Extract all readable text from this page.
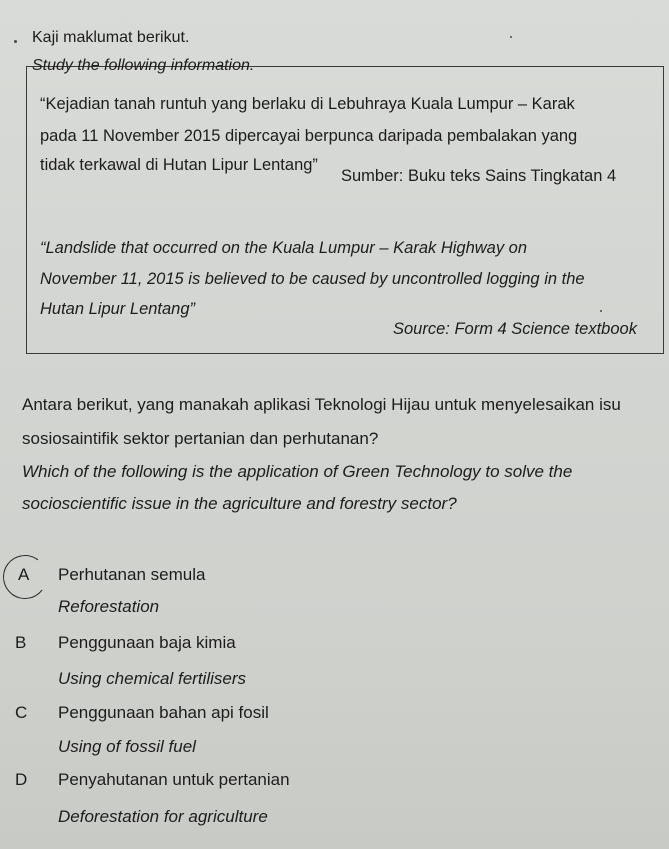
Kaji maklumat berikut.
Study the following information.
“Kejadian tanah runtuh yang berlaku di Lebuhraya Kuala Lumpur – Karak
pada 11 November 2015 dipercayai berpunca daripada pembalakan yang
tidak terkawal di Hutan Lipur Lentang”
Sumber: Buku teks Sains Tingkatan 4
“Landslide that occurred on the Kuala Lumpur – Karak Highway on
November 11, 2015 is believed to be caused by uncontrolled logging in the
Hutan Lipur Lentang”
Source: Form 4 Science textbook
Antara berikut, yang manakah aplikasi Teknologi Hijau untuk menyelesaikan isu
sosiosaintifik sektor pertanian dan perhutanan?
Which of the following is the application of Green Technology to solve the
socioscientific issue in the agriculture and forestry sector?
A Perhutanan semula
Reforestation
B Penggunaan baja kimia
Using chemical fertilisers
C Penggunaan bahan api fosil
Using of fossil fuel
D Penyahutanan untuk pertanian
Deforestation for agriculture
